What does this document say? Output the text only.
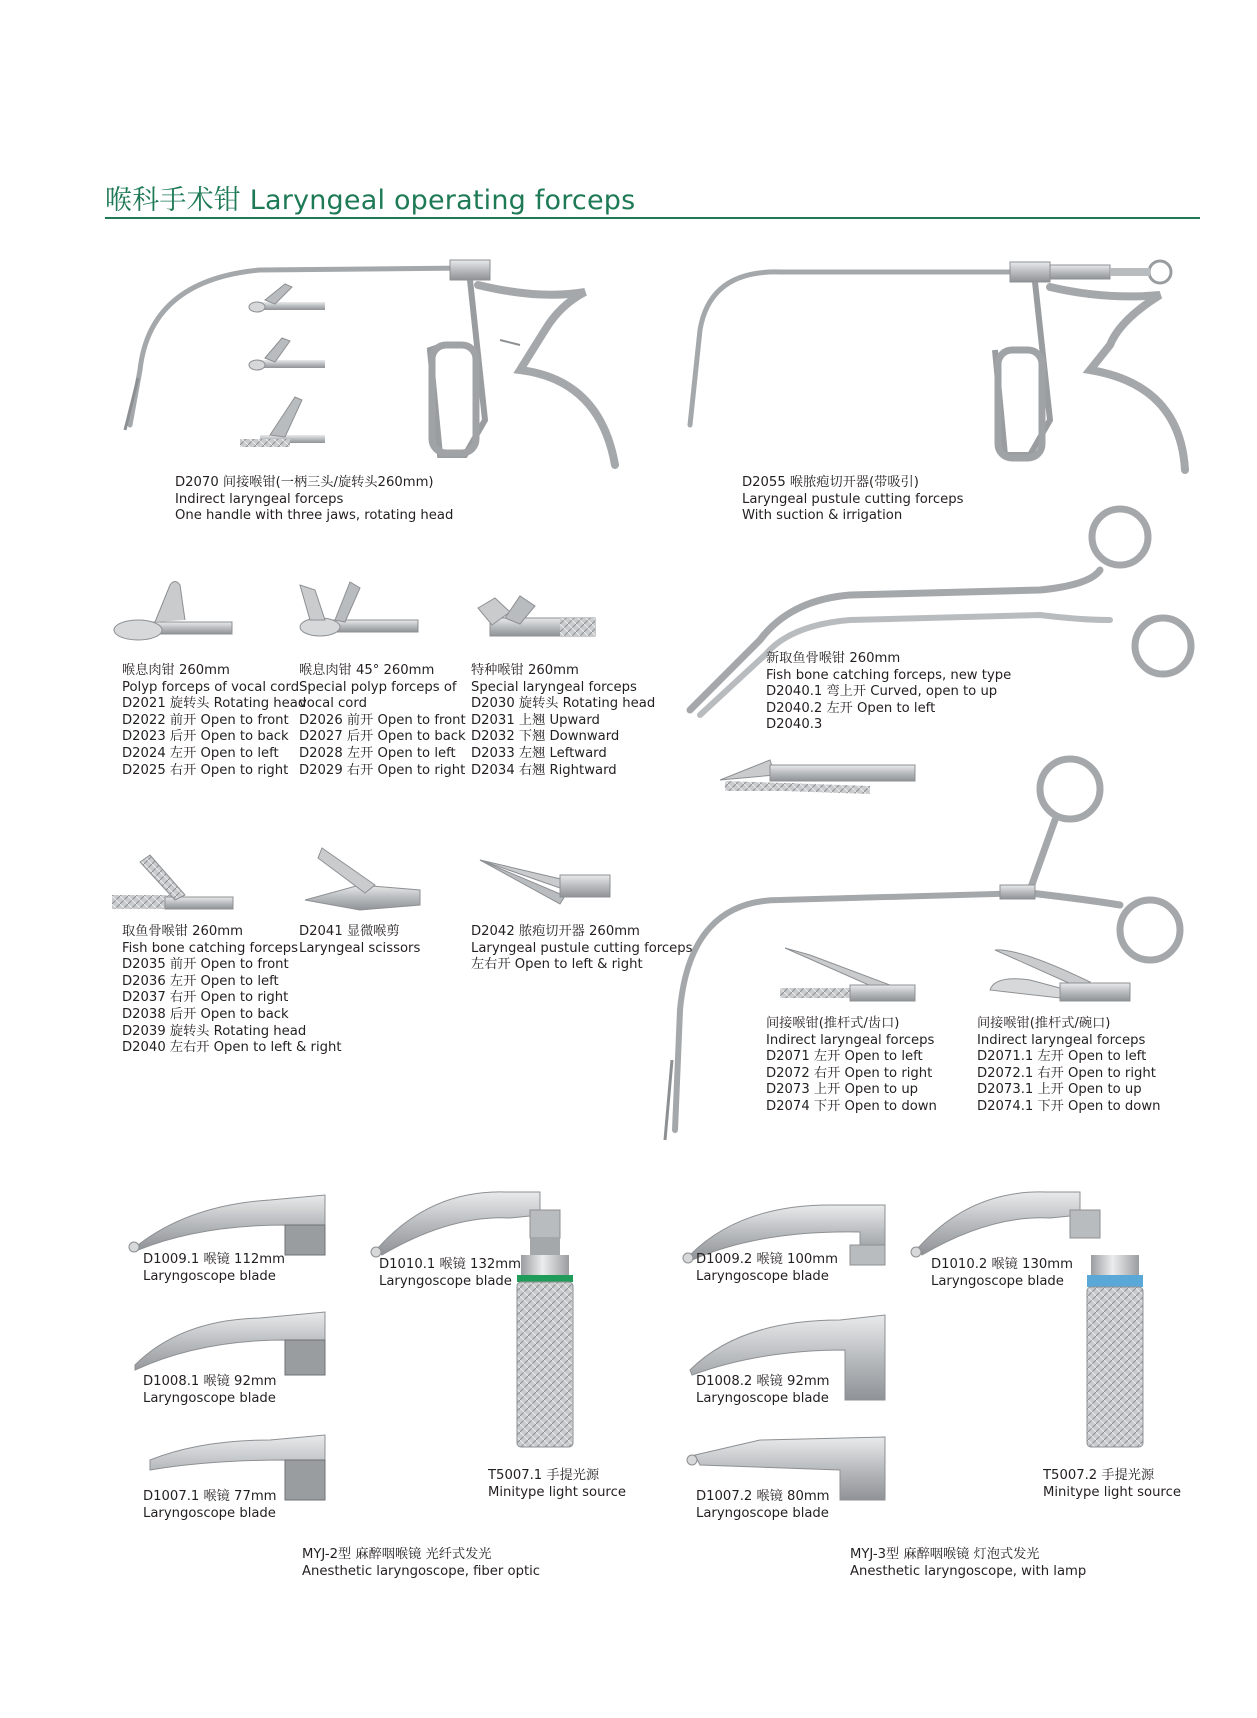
喉科手术钳 Laryngeal operating forceps
D2070 间接喉钳(一柄三头/旋转头260mm)
Indirect laryngeal forceps
One handle with three jaws, rotating head
D2055 喉脓疱切开器(带吸引)
Laryngeal pustule cutting forceps
With suction & irrigation
喉息肉钳 260mm
Polyp forceps of vocal cord
D2021 旋转头 Rotating head
D2022 前开 Open to front
D2023 后开 Open to back
D2024 左开 Open to left
D2025 右开 Open to right
喉息肉钳 45° 260mm
Special polyp forceps of
vocal cord
D2026 前开 Open to front
D2027 后开 Open to back
D2028 左开 Open to left
D2029 右开 Open to right
特种喉钳 260mm
Special laryngeal forceps
D2030 旋转头 Rotating head
D2031 上翘 Upward
D2032 下翘 Downward
D2033 左翘 Leftward
D2034 右翘 Rightward
新取鱼骨喉钳 260mm
Fish bone catching forceps, new type
D2040.1 弯上开 Curved, open to up
D2040.2 左开 Open to left
D2040.3
取鱼骨喉钳 260mm
Fish bone catching forceps
D2035 前开 Open to front
D2036 左开 Open to left
D2037 右开 Open to right
D2038 后开 Open to back
D2039 旋转头 Rotating head
D2040 左右开 Open to left & right
D2041 显微喉剪
Laryngeal scissors
D2042 脓疱切开器 260mm
Laryngeal pustule cutting forceps
左右开 Open to left & right
间接喉钳(推杆式/齿口)
Indirect laryngeal forceps
D2071 左开 Open to left
D2072 右开 Open to right
D2073 上开 Open to up
D2074 下开 Open to down
间接喉钳(推杆式/碗口)
Indirect laryngeal forceps
D2071.1 左开 Open to left
D2072.1 右开 Open to right
D2073.1 上开 Open to up
D2074.1 下开 Open to down
D1009.1 喉镜 112mm
Laryngoscope blade
D1010.1 喉镜 132mm
Laryngoscope blade
D1008.1 喉镜 92mm
Laryngoscope blade
D1007.1 喉镜 77mm
Laryngoscope blade
T5007.1 手提光源
Minitype light source
MYJ-2型 麻醉咽喉镜 光纤式发光
Anesthetic laryngoscope, fiber optic
D1009.2 喉镜 100mm
Laryngoscope blade
D1010.2 喉镜 130mm
Laryngoscope blade
D1008.2 喉镜 92mm
Laryngoscope blade
D1007.2 喉镜 80mm
Laryngoscope blade
T5007.2 手提光源
Minitype light source
MYJ-3型 麻醉咽喉镜 灯泡式发光
Anesthetic laryngoscope, with lamp
